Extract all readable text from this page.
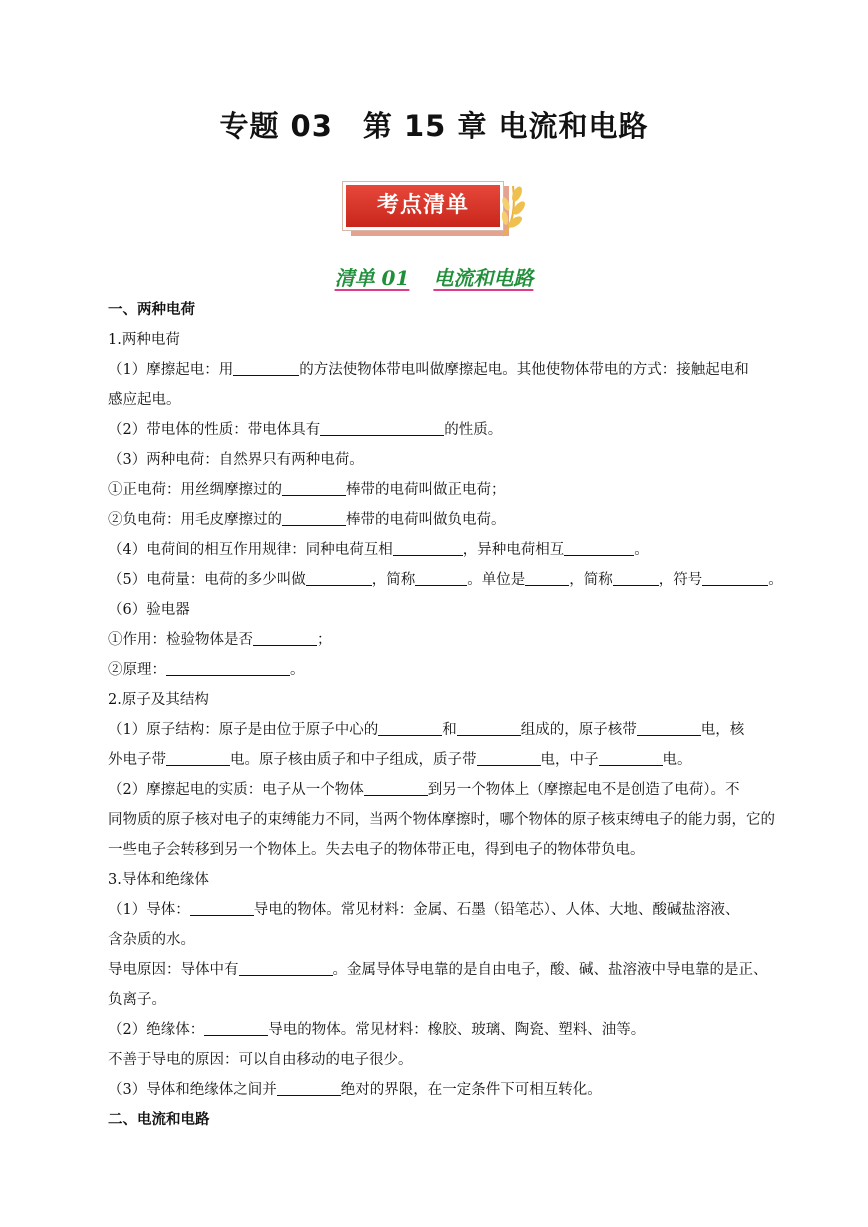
专题 03 第 15 章 电流和电路
考点清单
清单 01 电流和电路
一、两种电荷
1.两种电荷
（1）摩擦起电：用	的方法使物体带电叫做摩擦起电。其他使物体带电的方式：接触起电和
感应起电。
（2）带电体的性质：带电体具有	的性质。
（3）两种电荷：自然界只有两种电荷。
①正电荷：用丝绸摩擦过的	棒带的电荷叫做正电荷；
②负电荷：用毛皮摩擦过的	棒带的电荷叫做负电荷。
（4）电荷间的相互作用规律：同种电荷互相	，异种电荷相互	。
（5）电荷量：电荷的多少叫做	，简称	。单位是	，简称	，符号	。
（6）验电器
①作用：检验物体是否	；
②原理：	。
2.原子及其结构
（1）原子结构：原子是由位于原子中心的	和	组成的，原子核带	电，核
外电子带	电。原子核由质子和中子组成，质子带	电，中子	电。
（2）摩擦起电的实质：电子从一个物体	到另一个物体上（摩擦起电不是创造了电荷）。不
同物质的原子核对电子的束缚能力不同，当两个物体摩擦时，哪个物体的原子核束缚电子的能力弱，它的
一些电子会转移到另一个物体上。失去电子的物体带正电，得到电子的物体带负电。
3.导体和绝缘体
（1）导体：	导电的物体。常见材料：金属、石墨（铅笔芯）、人体、大地、酸碱盐溶液、
含杂质的水。
导电原因：导体中有	。金属导体导电靠的是自由电子，酸、碱、盐溶液中导电靠的是正、
负离子。
（2）绝缘体：	导电的物体。常见材料：橡胶、玻璃、陶瓷、塑料、油等。
不善于导电的原因：可以自由移动的电子很少。
（3）导体和绝缘体之间并	绝对的界限，在一定条件下可相互转化。
二、电流和电路
